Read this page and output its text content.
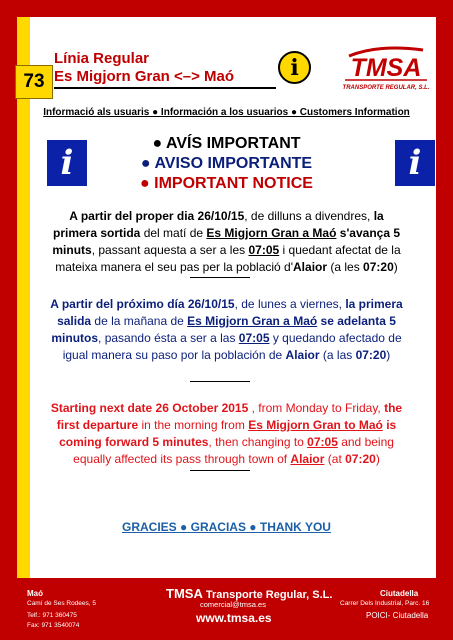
73
Línia Regular
Es Migjorn Gran <–> Maó	i	TMSA
TRANSPORTE REGULAR, S.L.
Informació als usuaris ● Información a los usuarios ● Customers Information
i	i
● AVÍS IMPORTANT
● AVISO IMPORTANTE
● IMPORTANT NOTICE
A partir del proper dia 26/10/15, de dilluns a divendres, la primera sortida del matí de Es Migjorn Gran a Maó s'avança 5 minuts, passant aquesta a ser a les 07:05 i quedant afectat de la mateixa manera el seu pas per la població d'Alaior (a les 07:20)
A partir del próximo día 26/10/15, de lunes a viernes, la primera salida de la mañana de Es Migjorn Gran a Maó se adelanta 5 minutos, pasando ésta a ser a las 07:05 y quedando afectado de igual manera su paso por la población de Alaior (a las 07:20)
Starting next date 26 October 2015 , from Monday to Friday, the first departure in the morning from Es Migjorn Gran to Maó is coming forward 5 minutes, then changing to 07:05 and being equally affected its pass through town of Alaior (at 07:20)
GRACIES ● GRACIAS ● THANK YOU
Maó
Camí de Ses Rodees, 5
Telf.: 971 360475
Fax: 971 3540074
TMSA Transporte Regular, S.L.
comercial@tmsa.es
www.tmsa.es
Ciutadella
Carrer Dels Industrial, Parc. 16
POICI- Ciutadella
